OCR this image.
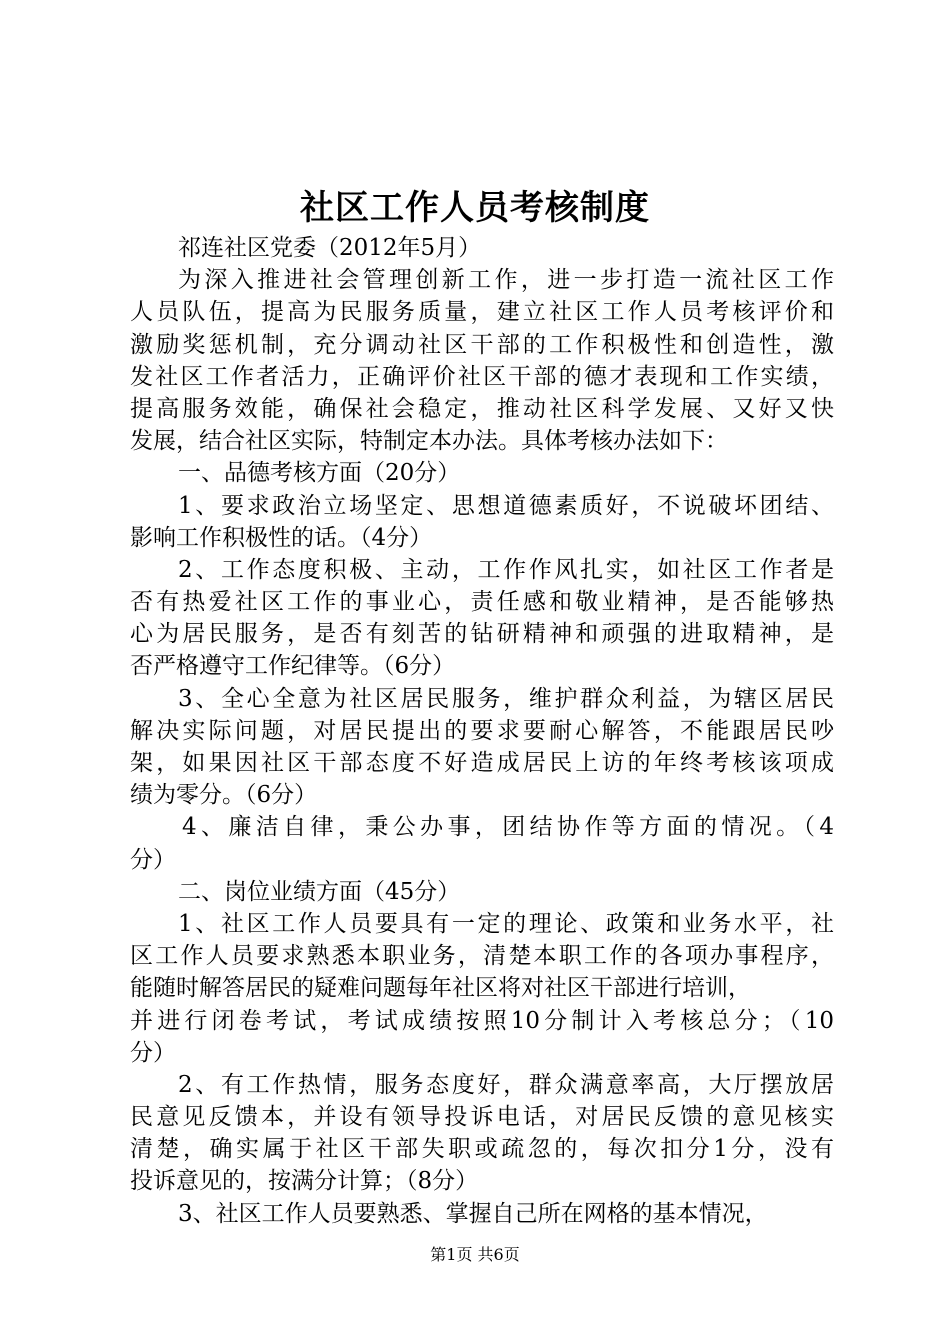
社区工作人员考核制度
祁连社区党委（2012年5月）
为深入推进社会管理创新工作，进一步打造一流社区工作
人员队伍，提高为民服务质量，建立社区工作人员考核评价和
激励奖惩机制，充分调动社区干部的工作积极性和创造性，激
发社区工作者活力，正确评价社区干部的德才表现和工作实绩，
提高服务效能，确保社会稳定，推动社区科学发展、又好又快
发展，结合社区实际，特制定本办法。具体考核办法如下：
一、品德考核方面（20分）
1、要求政治立场坚定、思想道德素质好，不说破坏团结、
影响工作积极性的话。（4分）
2、工作态度积极、主动，工作作风扎实，如社区工作者是
否有热爱社区工作的事业心，责任感和敬业精神，是否能够热
心为居民服务，是否有刻苦的钻研精神和顽强的进取精神，是
否严格遵守工作纪律等。（6分）
3、全心全意为社区居民服务，维护群众利益，为辖区居民
解决实际问题，对居民提出的要求要耐心解答，不能跟居民吵
架，如果因社区干部态度不好造成居民上访的年终考核该项成
绩为零分。（6分）
4、廉洁自律，秉公办事，团结协作等方面的情况。（4
分）
二、岗位业绩方面（45分）
1、社区工作人员要具有一定的理论、政策和业务水平，社
区工作人员要求熟悉本职业务，清楚本职工作的各项办事程序，
能随时解答居民的疑难问题每年社区将对社区干部进行培训，
并进行闭卷考试，考试成绩按照10分制计入考核总分；（10
分）
2、有工作热情，服务态度好，群众满意率高，大厅摆放居
民意见反馈本，并设有领导投诉电话，对居民反馈的意见核实
清楚，确实属于社区干部失职或疏忽的，每次扣分1分，没有
投诉意见的，按满分计算；（8分）
3、社区工作人员要熟悉、掌握自己所在网格的基本情况，
第1页 共6页
